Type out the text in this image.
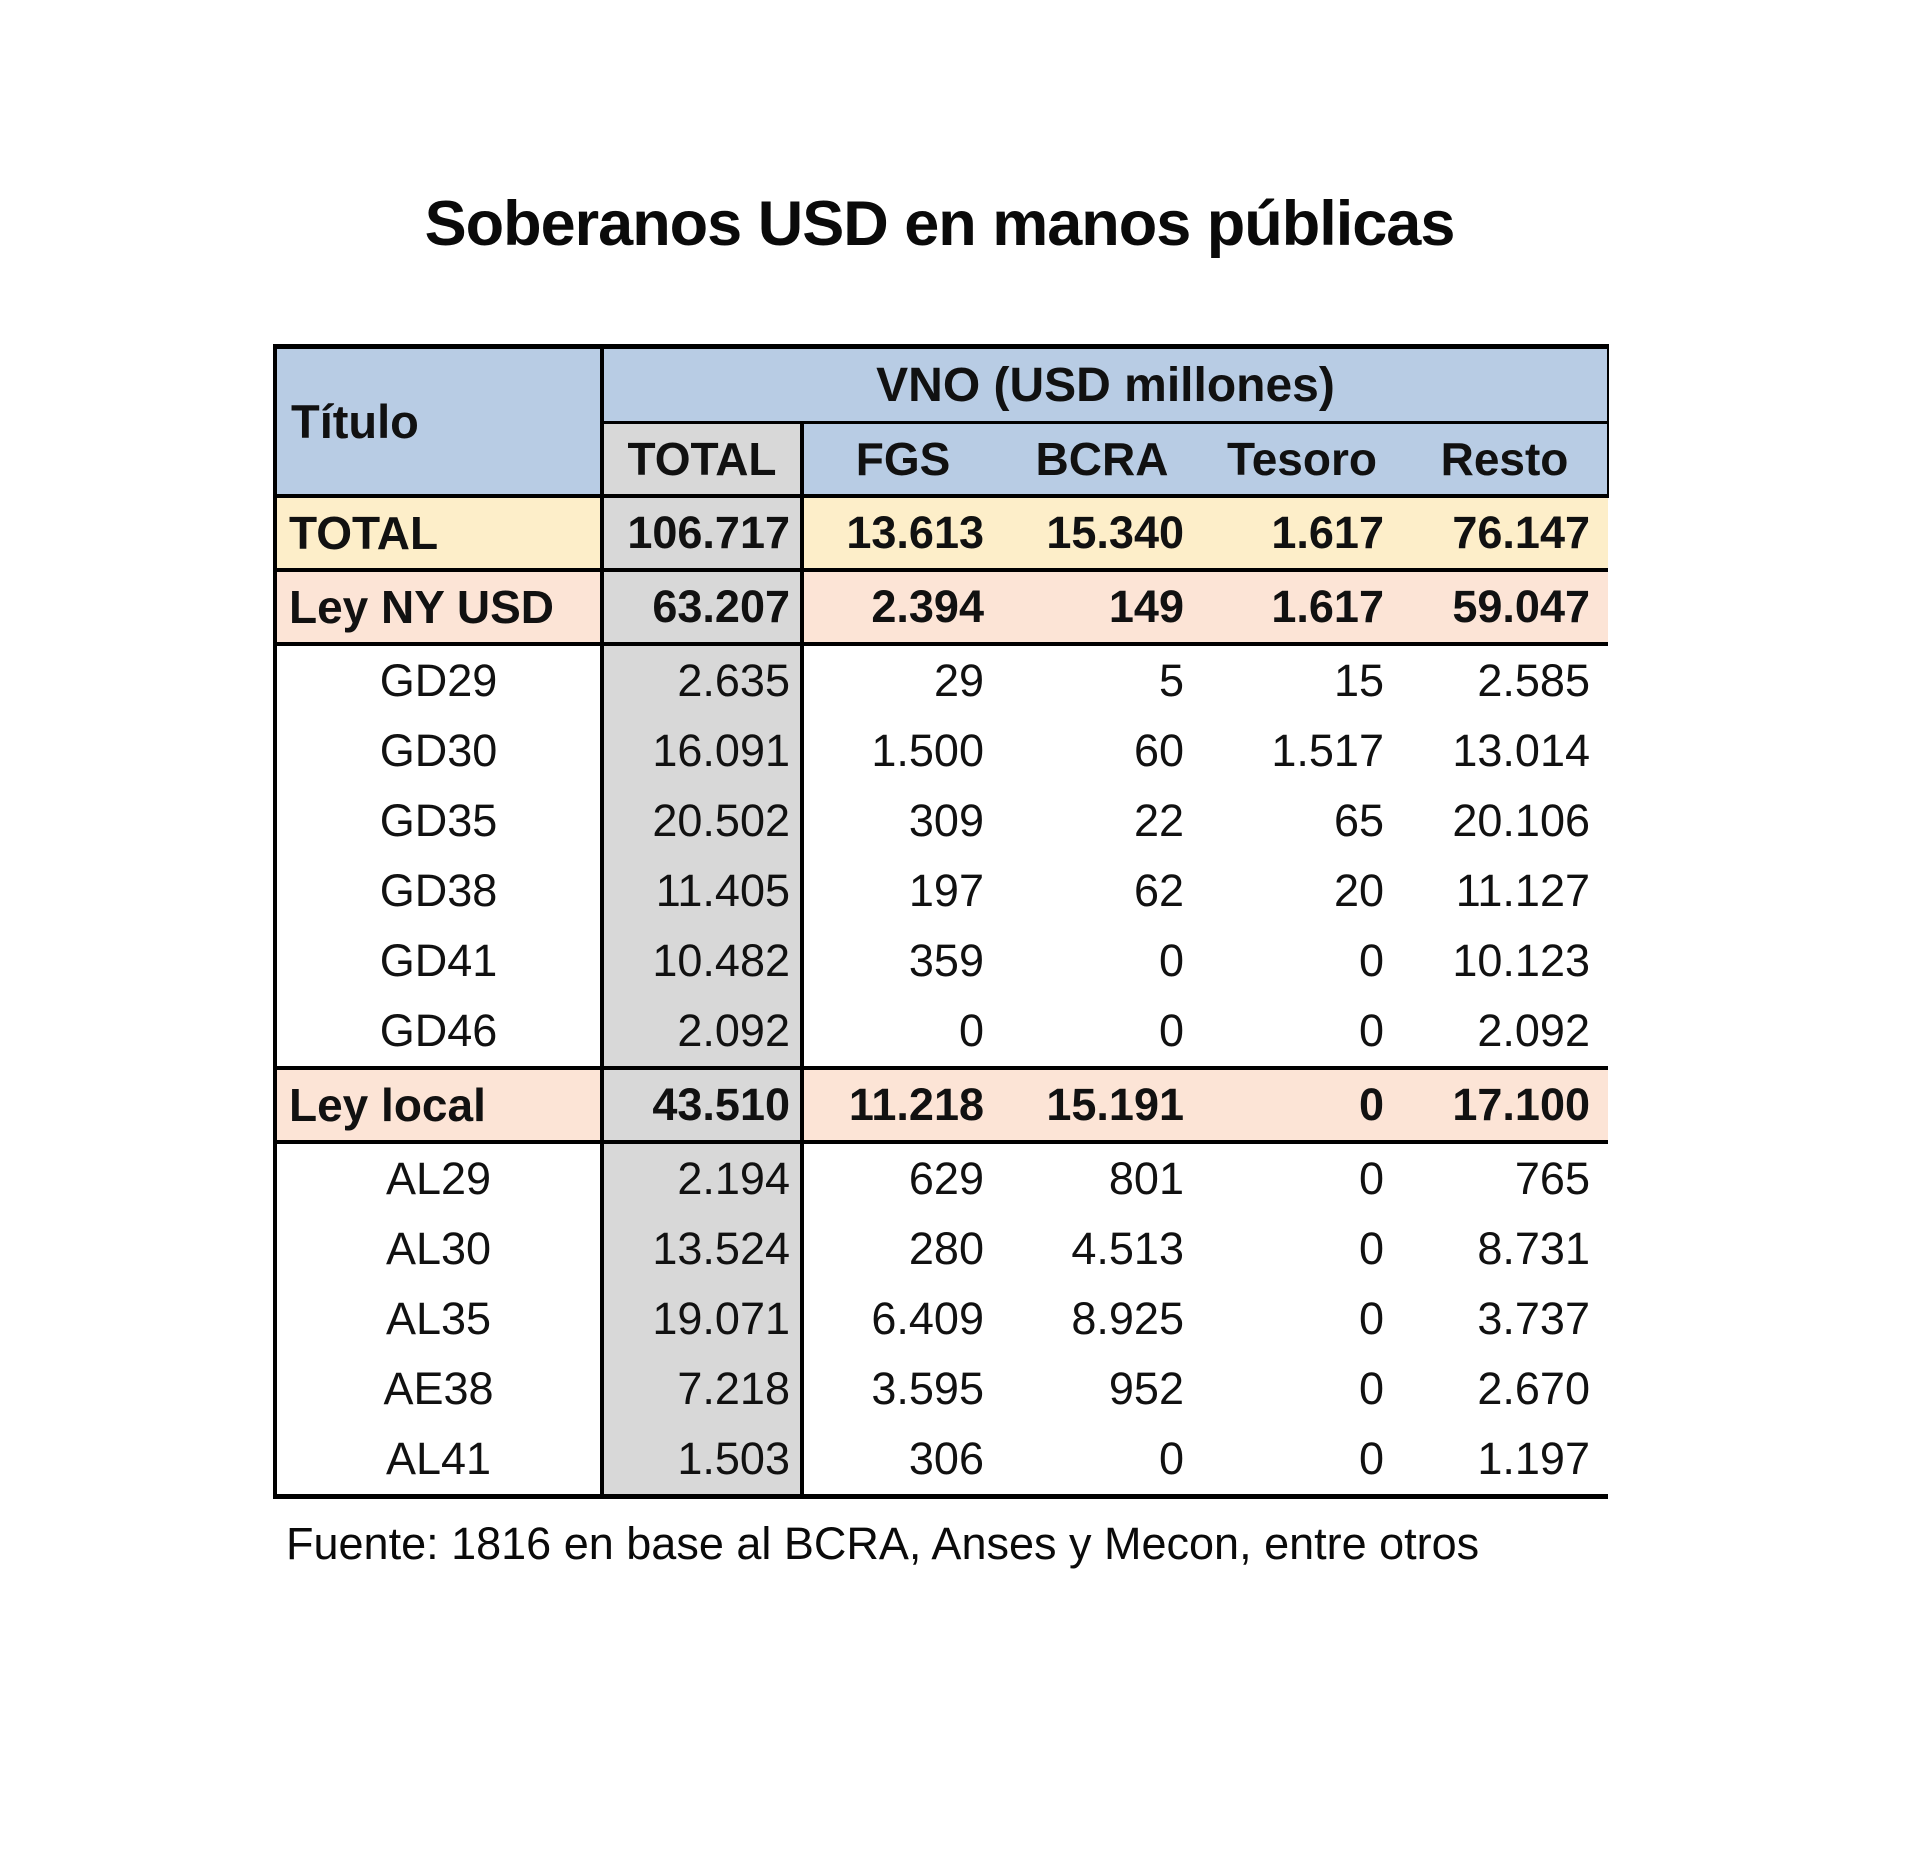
Soberanos USD en manos públicas
Título	VNO (USD millones)				
	TOTAL	FGS	BCRA	Tesoro	Resto
TOTAL	106.717	13.613	15.340	1.617	76.147
Ley NY USD	63.207	2.394	149	1.617	59.047
GD29	2.635	29	5	15	2.585
GD30	16.091	1.500	60	1.517	13.014
GD35	20.502	309	22	65	20.106
GD38	11.405	197	62	20	11.127
GD41	10.482	359	0	0	10.123
GD46	2.092	0	0	0	2.092
Ley local	43.510	11.218	15.191	0	17.100
AL29	2.194	629	801	0	765
AL30	13.524	280	4.513	0	8.731
AL35	19.071	6.409	8.925	0	3.737
AE38	7.218	3.595	952	0	2.670
AL41	1.503	306	0	0	1.197

Fuente: 1816 en base al BCRA, Anses y Mecon, entre otros
